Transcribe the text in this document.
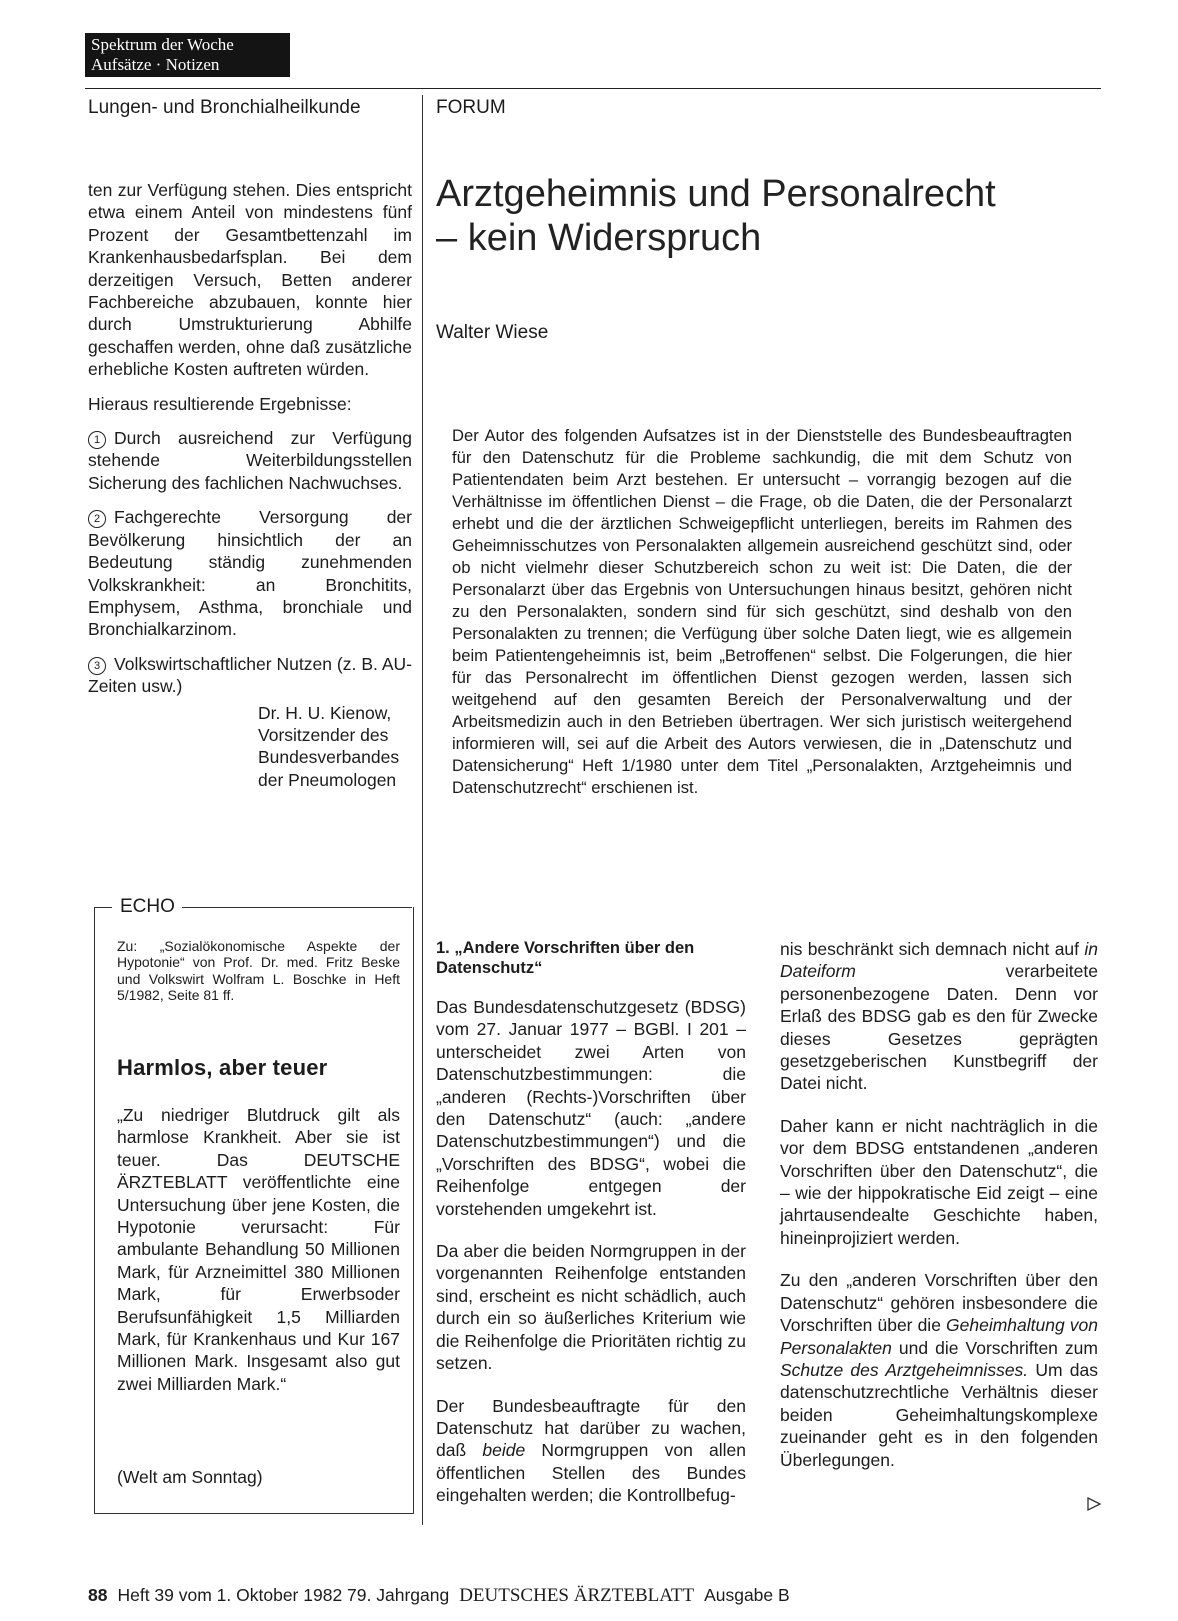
Spektrum der Woche
Aufsätze · Notizen
Lungen- und Bronchialheilkunde	FORUM

ten zur Verfügung stehen. Dies entspricht etwa einem Anteil von mindestens fünf Prozent der Gesamtbettenzahl im Krankenhausbedarfsplan. Bei dem derzeitigen Versuch, Betten anderer Fachbereiche abzubauen, konnte hier durch Umstrukturierung Abhilfe geschaffen werden, ohne daß zusätzliche erhebliche Kosten auftreten würden.

Hieraus resultierende Ergebnisse:

1 Durch ausreichend zur Verfügung stehende Weiterbildungsstellen Sicherung des fachlichen Nachwuchses.

2 Fachgerechte Versorgung der Bevölkerung hinsichtlich der an Bedeutung ständig zunehmenden Volkskrankheit: an Bronchitits, Emphysem, Asthma, bronchiale und Bronchialkarzinom.

3 Volkswirtschaftlicher Nutzen (z. B. AU-Zeiten usw.)

Dr. H. U. Kienow,
Vorsitzender des
Bundesverbandes
der Pneumologen
Arztgeheimnis und Personalrecht
– kein Widerspruch
Walter Wiese
Der Autor des folgenden Aufsatzes ist in der Dienststelle des Bundesbeauftragten für den Datenschutz für die Probleme sachkundig, die mit dem Schutz von Patientendaten beim Arzt bestehen. Er untersucht – vorrangig bezogen auf die Verhältnisse im öffentlichen Dienst – die Frage, ob die Daten, die der Personalarzt erhebt und die der ärztlichen Schweigepflicht unterliegen, bereits im Rahmen des Geheimnisschutzes von Personalakten allgemein ausreichend geschützt sind, oder ob nicht vielmehr dieser Schutzbereich schon zu weit ist: Die Daten, die der Personalarzt über das Ergebnis von Untersuchungen hinaus besitzt, gehören nicht zu den Personalakten, sondern sind für sich geschützt, sind deshalb von den Personalakten zu trennen; die Verfügung über solche Daten liegt, wie es allgemein beim Patientengeheimnis ist, beim „Betroffenen“ selbst. Die Folgerungen, die hier für das Personalrecht im öffentlichen Dienst gezogen werden, lassen sich weitgehend auf den gesamten Bereich der Personalverwaltung und der Arbeitsmedizin auch in den Betrieben übertragen. Wer sich juristisch weitergehend informieren will, sei auf die Arbeit des Autors verwiesen, die in „Datenschutz und Datensicherung“ Heft 1/1980 unter dem Titel „Personalakten, Arztgeheimnis und Datenschutzrecht“ erschienen ist.
ECHO
Zu: „Sozialökonomische Aspekte der Hypotonie“ von Prof. Dr. med. Fritz Beske und Volkswirt Wolfram L. Boschke in Heft 5/1982, Seite 81 ff.
Harmlos, aber teuer
„Zu niedriger Blutdruck gilt als harmlose Krankheit. Aber sie ist teuer. Das DEUTSCHE ÄRZTEBLATT veröffentlichte eine Untersuchung über jene Kosten, die Hypotonie verursacht: Für ambulante Behandlung 50 Millionen Mark, für Arzneimittel 380 Millionen Mark, für Erwerbsoder Berufsunfähigkeit 1,5 Milliarden Mark, für Krankenhaus und Kur 167 Millionen Mark. Insgesamt also gut zwei Milliarden Mark.“
(Welt am Sonntag)

1. „Andere Vorschriften über den Datenschutz“

Das Bundesdatenschutzgesetz (BDSG) vom 27. Januar 1977 – BGBl. I 201 – unterscheidet zwei Arten von Datenschutzbestimmungen: die „anderen (Rechts-)Vorschriften über den Datenschutz“ (auch: „andere Datenschutzbestimmungen“) und die „Vorschriften des BDSG“, wobei die Reihenfolge entgegen der vorstehenden umgekehrt ist.

Da aber die beiden Normgruppen in der vorgenannten Reihenfolge entstanden sind, erscheint es nicht schädlich, auch durch ein so äußerliches Kriterium wie die Reihenfolge die Prioritäten richtig zu setzen.

Der Bundesbeauftragte für den Datenschutz hat darüber zu wachen, daß beide Normgruppen von allen öffentlichen Stellen des Bundes eingehalten werden; die Kontrollbefug-

nis beschränkt sich demnach nicht auf in Dateiform verarbeitete personenbezogene Daten. Denn vor Erlaß des BDSG gab es den für Zwecke dieses Gesetzes geprägten gesetzgeberischen Kunstbegriff der Datei nicht.

Daher kann er nicht nachträglich in die vor dem BDSG entstandenen „anderen Vorschriften über den Datenschutz“, die – wie der hippokratische Eid zeigt – eine jahrtausendealte Geschichte haben, hineinprojiziert werden.

Zu den „anderen Vorschriften über den Datenschutz“ gehören insbesondere die Vorschriften über die Geheimhaltung von Personalakten und die Vorschriften zum Schutze des Arztgeheimnisses. Um das datenschutzrechtliche Verhältnis dieser beiden Geheimhaltungskomplexe zueinander geht es in den folgenden Überlegungen.

88 Heft 39 vom 1. Oktober 1982 79. Jahrgang DEUTSCHES ÄRZTEBLATT Ausgabe B
